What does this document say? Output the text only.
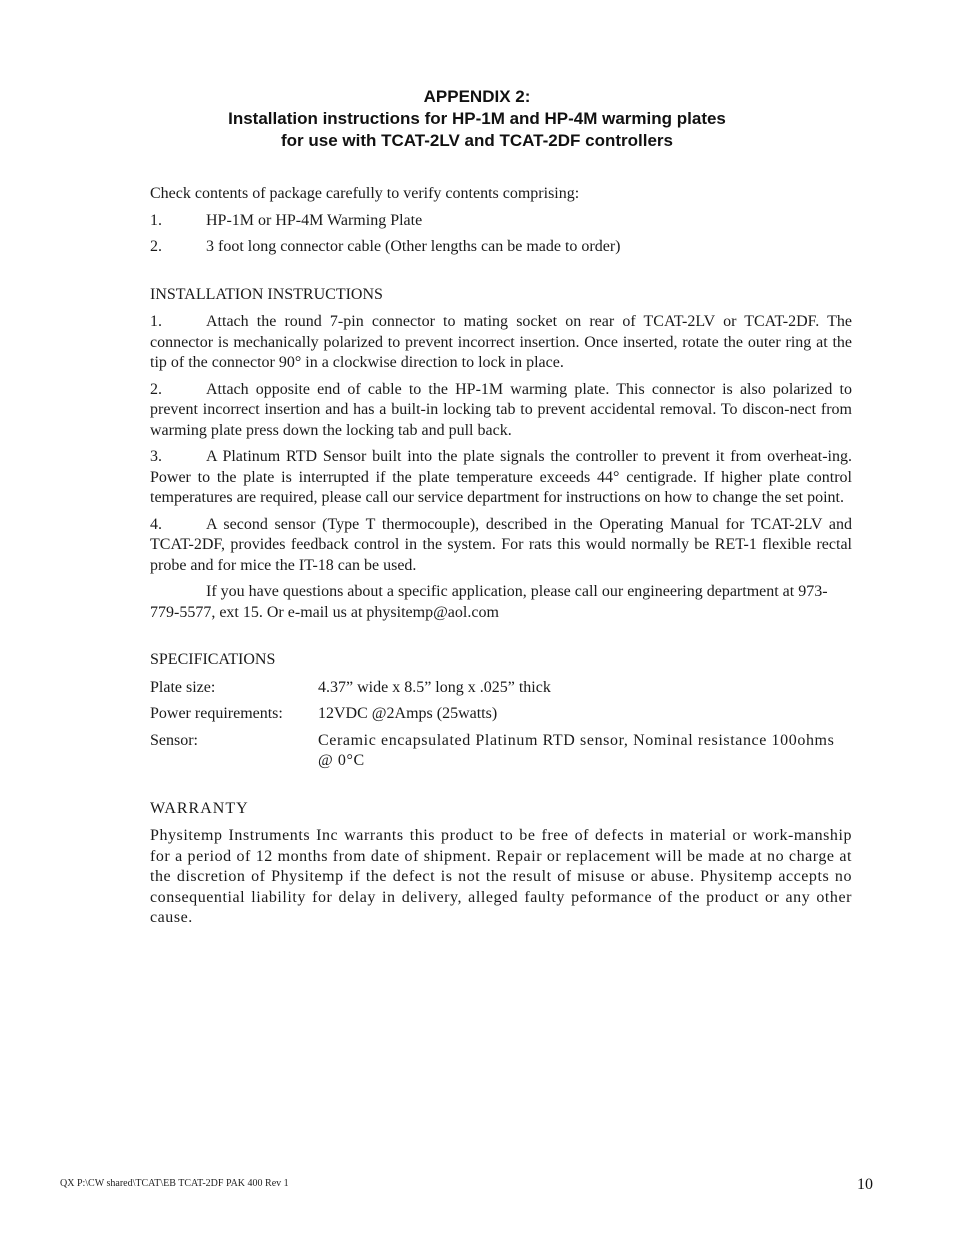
APPENDIX 2:
Installation instructions for HP-1M and HP-4M warming plates
for use with TCAT-2LV and TCAT-2DF controllers

Check contents of package carefully to verify contents comprising:

1.	HP-1M or HP-4M Warming Plate
2.	3 foot long connector cable (Other lengths can be made to order)

INSTALLATION INSTRUCTIONS

1.	Attach the round 7-pin connector to mating socket on rear of TCAT-2LV or TCAT-2DF. The connector is mechanically polarized to prevent incorrect insertion. Once inserted, rotate the outer ring at the tip of the connector 90° in a clockwise direction to lock in place.

2.	Attach opposite end of cable to the HP-1M warming plate. This connector is also polarized to prevent incorrect insertion and has a built-in locking tab to prevent accidental removal. To discon-nect from warming plate press down the locking tab and pull back.

3.	A Platinum RTD Sensor built into the plate signals the controller to prevent it from overheat-ing. Power to the plate is interrupted if the plate temperature exceeds 44° centigrade. If higher plate control temperatures are required, please call our service department for instructions on how to change the set point.

4.	A second sensor (Type T thermocouple), described in the Operating Manual for TCAT-2LV and TCAT-2DF, provides feedback control in the system. For rats this would normally be RET-1 flexible rectal probe and for mice the IT-18 can be used.

If you have questions about a specific application, please call our engineering department at 973-779-5577, ext 15. Or e-mail us at physitemp@aol.com

SPECIFICATIONS

Plate size:	4.37” wide x 8.5” long x .025” thick
Power requirements:	12VDC @2Amps (25watts)
Sensor:	Ceramic encapsulated Platinum RTD sensor, Nominal resistance 100ohms @ 0°C

WARRANTY

Physitemp Instruments Inc warrants this product to be free of defects in material or work-manship for a period of 12 months from date of shipment. Repair or replacement will be made at no charge at the discretion of Physitemp if the defect is not the result of misuse or abuse. Physitemp accepts no consequential liability for delay in delivery, alleged faulty peformance of the product or any other cause.

QX P:\CW shared\TCAT\EB TCAT-2DF PAK 400 Rev 1	10
